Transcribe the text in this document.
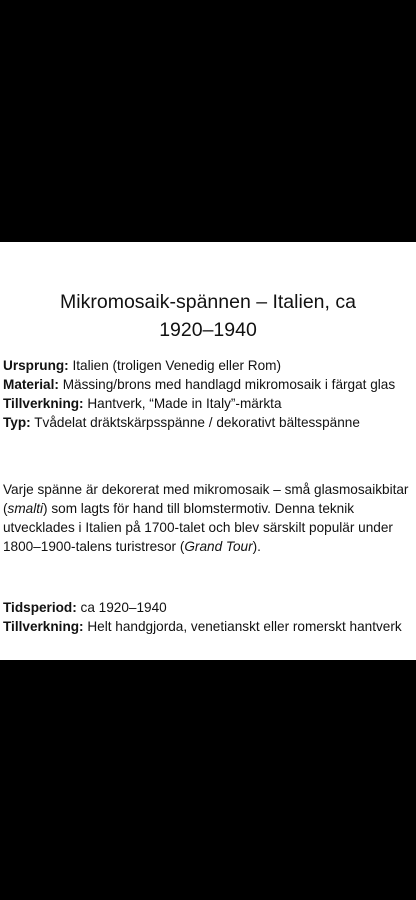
Mikromosaik-spännen – Italien, ca
1920–1940

Ursprung: Italien (troligen Venedig eller Rom)

Material: Mässing/brons med handlagd mikromosaik i färgat glas

Tillverkning: Hantverk, “Made in Italy”-märkta

Typ: Tvådelat dräktskärpsspänne / dekorativt bältesspänne

Varje spänne är dekorerat med mikromosaik – små glasmosaikbitar (smalti) som lagts för hand till blomstermotiv. Denna teknik utvecklades i Italien på 1700-talet och blev särskilt populär under 1800–1900-talens turistresor (Grand Tour).

Tidsperiod: ca 1920–1940

Tillverkning: Helt handgjorda, venetianskt eller romerskt hantverk
